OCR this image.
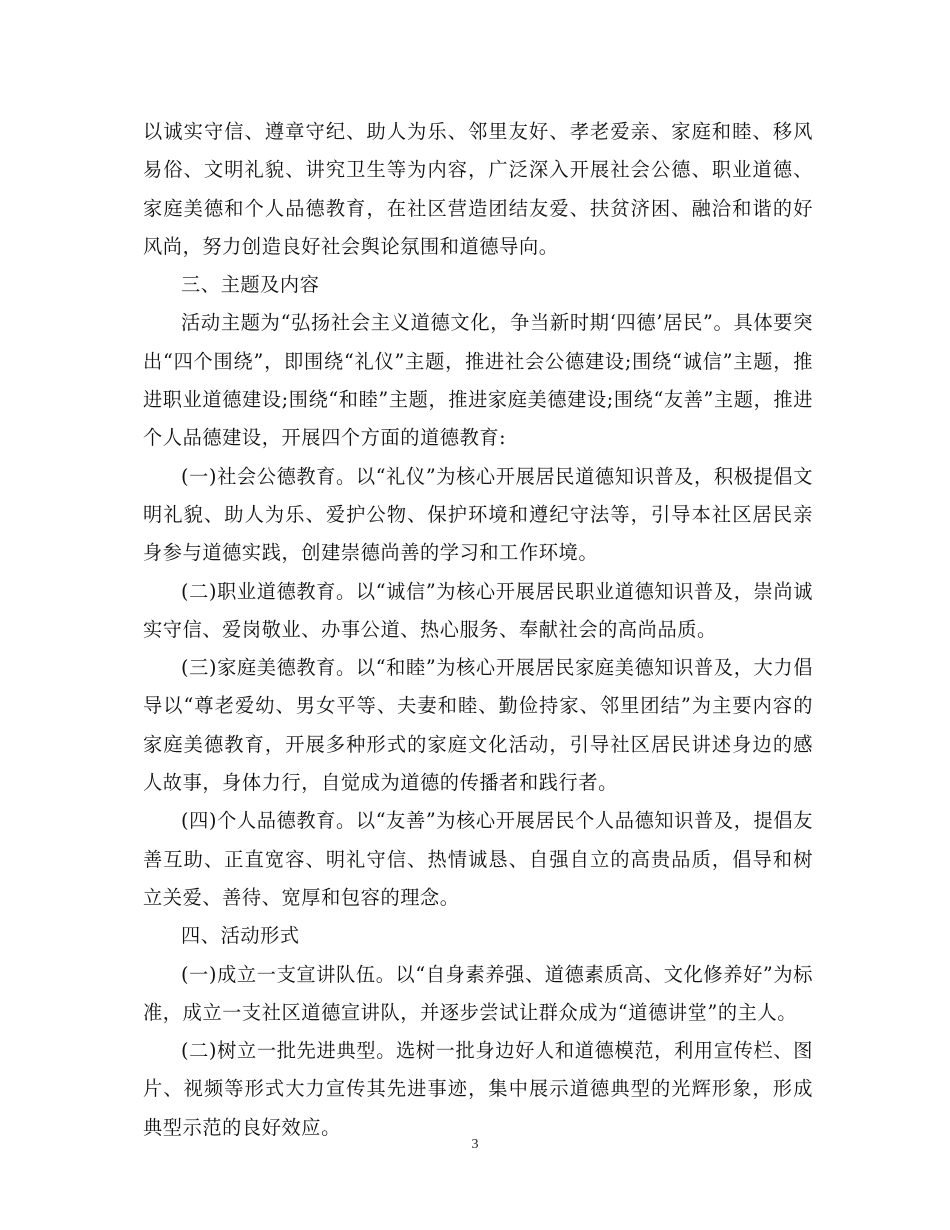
以诚实守信、遵章守纪、助人为乐、邻里友好、孝老爱亲、家庭和睦、移风易俗、文明礼貌、讲究卫生等为内容，广泛深入开展社会公德、职业道德、家庭美德和个人品德教育，在社区营造团结友爱、扶贫济困、融洽和谐的好风尚，努力创造良好社会舆论氛围和道德导向。

三、主题及内容

活动主题为“弘扬社会主义道德文化，争当新时期‘四德’居民”。具体要突出“四个围绕”，即围绕“礼仪”主题，推进社会公德建设;围绕“诚信”主题，推进职业道德建设;围绕“和睦”主题，推进家庭美德建设;围绕“友善”主题，推进个人品德建设，开展四个方面的道德教育:

(一)社会公德教育。以“礼仪”为核心开展居民道德知识普及，积极提倡文明礼貌、助人为乐、爱护公物、保护环境和遵纪守法等，引导本社区居民亲身参与道德实践，创建崇德尚善的学习和工作环境。

(二)职业道德教育。以“诚信”为核心开展居民职业道德知识普及，崇尚诚实守信、爱岗敬业、办事公道、热心服务、奉献社会的高尚品质。

(三)家庭美德教育。以“和睦”为核心开展居民家庭美德知识普及，大力倡导以“尊老爱幼、男女平等、夫妻和睦、勤俭持家、邻里团结”为主要内容的家庭美德教育，开展多种形式的家庭文化活动，引导社区居民讲述身边的感人故事，身体力行，自觉成为道德的传播者和践行者。

(四)个人品德教育。以“友善”为核心开展居民个人品德知识普及，提倡友善互助、正直宽容、明礼守信、热情诚恳、自强自立的高贵品质，倡导和树立关爱、善待、宽厚和包容的理念。

四、活动形式

(一)成立一支宣讲队伍。以“自身素养强、道德素质高、文化修养好”为标准，成立一支社区道德宣讲队，并逐步尝试让群众成为“道德讲堂”的主人。

(二)树立一批先进典型。选树一批身边好人和道德模范，利用宣传栏、图片、视频等形式大力宣传其先进事迹，集中展示道德典型的光辉形象，形成典型示范的良好效应。

3
